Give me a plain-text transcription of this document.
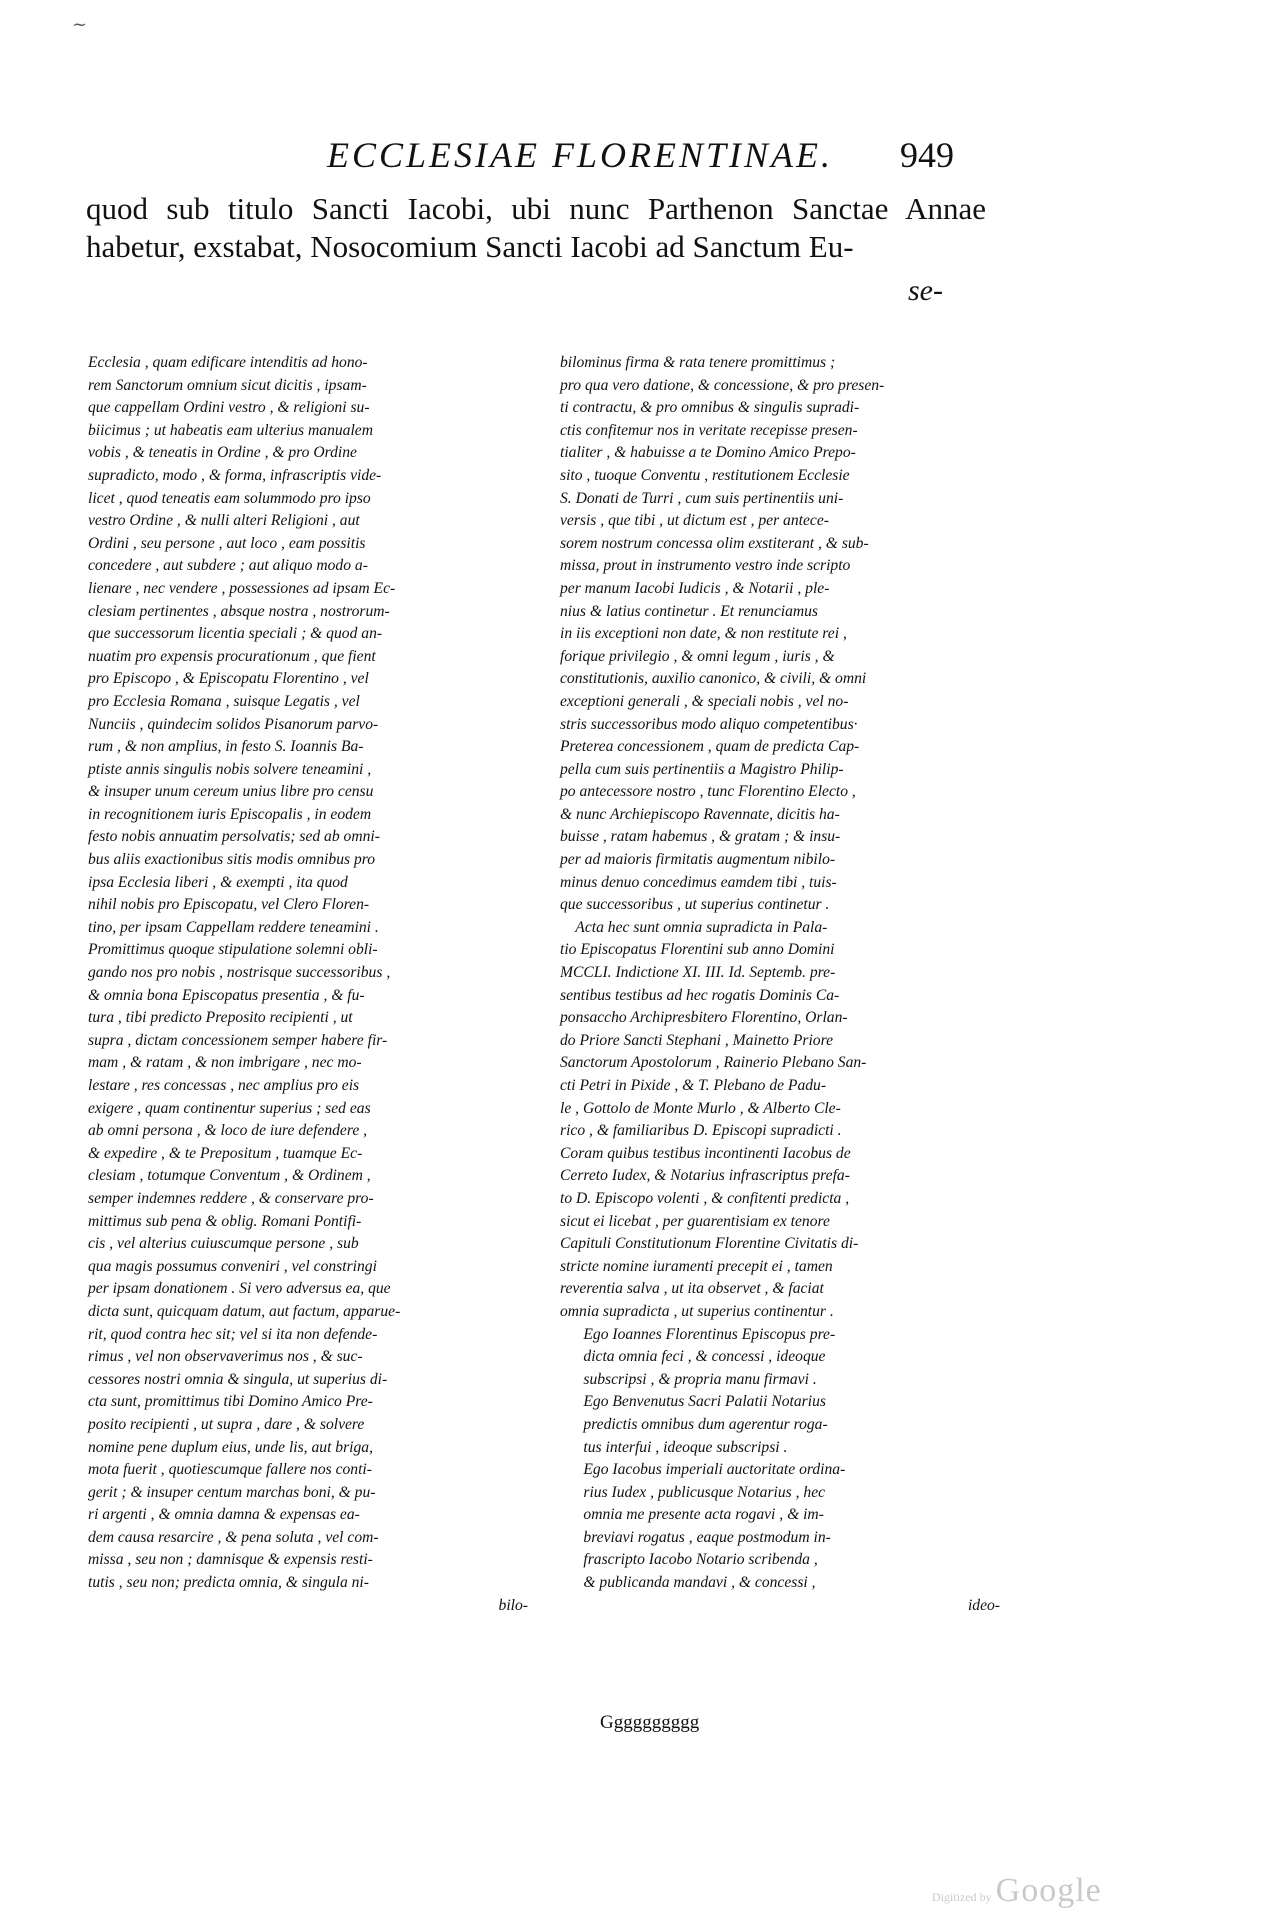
~
ECCLESIAE FLORENTINAE.	949
quod sub titulo Sancti Iacobi, ubi nunc Parthenon Sanctae Annae habetur, exstabat, Nosocomium Sancti Iacobi ad Sanctum Eu-
se-
Ecclesia , quam edificare intenditis ad hono-
rem Sanctorum omnium sicut dicitis , ipsam-
que cappellam Ordini vestro , & religioni su-
biicimus ; ut habeatis eam ulterius manualem
vobis , & teneatis in Ordine , & pro Ordine
supradicto, modo , & forma, infrascriptis vide-
licet , quod teneatis eam solummodo pro ipso
vestro Ordine , & nulli alteri Religioni , aut
Ordini , seu persone , aut loco , eam possitis
concedere , aut subdere ; aut aliquo modo a-
lienare , nec vendere , possessiones ad ipsam Ec-
clesiam pertinentes , absque nostra , nostrorum-
que successorum licentia speciali ; & quod an-
nuatim pro expensis procurationum , que fient
pro Episcopo , & Episcopatu Florentino , vel
pro Ecclesia Romana , suisque Legatis , vel
Nunciis , quindecim solidos Pisanorum parvo-
rum , & non amplius, in festo S. Ioannis Ba-
ptiste annis singulis nobis solvere teneamini ,
& insuper unum cereum unius libre pro censu
in recognitionem iuris Episcopalis , in eodem
festo nobis annuatim persolvatis; sed ab omni-
bus aliis exactionibus sitis modis omnibus pro
ipsa Ecclesia liberi , & exempti , ita quod
nihil nobis pro Episcopatu, vel Clero Floren-
tino, per ipsam Cappellam reddere teneamini .
Promittimus quoque stipulatione solemni obli-
gando nos pro nobis , nostrisque successoribus ,
& omnia bona Episcopatus presentia , & fu-
tura , tibi predicto Preposito recipienti , ut
supra , dictam concessionem semper habere fir-
mam , & ratam , & non imbrigare , nec mo-
lestare , res concessas , nec amplius pro eis
exigere , quam continentur superius ; sed eas
ab omni persona , & loco de iure defendere ,
& expedire , & te Prepositum , tuamque Ec-
clesiam , totumque Conventum , & Ordinem ,
semper indemnes reddere , & conservare pro-
mittimus sub pena & oblig. Romani Pontifi-
cis , vel alterius cuiuscumque persone , sub
qua magis possumus conveniri , vel constringi
per ipsam donationem . Si vero adversus ea, que
dicta sunt, quicquam datum, aut factum, apparue-
rit, quod contra hec sit; vel si ita non defende-
rimus , vel non observaverimus nos , & suc-
cessores nostri omnia & singula, ut superius di-
cta sunt, promittimus tibi Domino Amico Pre-
posito recipienti , ut supra , dare , & solvere
nomine pene duplum eius, unde lis, aut briga,
mota fuerit , quotiescumque fallere nos conti-
gerit ; & insuper centum marchas boni, & pu-
ri argenti , & omnia damna & expensas ea-
dem causa resarcire , & pena soluta , vel com-
missa , seu non ; damnisque & expensis resti-
tutis , seu non; predicta omnia, & singula ni-
bilo-
bilominus firma & rata tenere promittimus ;
pro qua vero datione, & concessione, & pro presen-
ti contractu, & pro omnibus & singulis supradi-
ctis confitemur nos in veritate recepisse presen-
tialiter , & habuisse a te Domino Amico Prepo-
sito , tuoque Conventu , restitutionem Ecclesie
S. Donati de Turri , cum suis pertinentiis uni-
versis , que tibi , ut dictum est , per antece-
sorem nostrum concessa olim exstiterant , & sub-
missa, prout in instrumento vestro inde scripto
per manum Iacobi Iudicis , & Notarii , ple-
nius & latius continetur . Et renunciamus
in iis exceptioni non date, & non restitute rei ,
forique privilegio , & omni legum , iuris , &
constitutionis, auxilio canonico, & civili, & omni
exceptioni generali , & speciali nobis , vel no-
stris successoribus modo aliquo competentibus·
Preterea concessionem , quam de predicta Cap-
pella cum suis pertinentiis a Magistro Philip-
po antecessore nostro , tunc Florentino Electo ,
& nunc Archiepiscopo Ravennate, dicitis ha-
buisse , ratam habemus , & gratam ; & insu-
per ad maioris firmitatis augmentum nibilo-
minus denuo concedimus eamdem tibi , tuis-
que successoribus , ut superius continetur .
Acta hec sunt omnia supradicta in Pala-
tio Episcopatus Florentini sub anno Domini
MCCLI. Indictione XI. III. Id. Septemb. pre-
sentibus testibus ad hec rogatis Dominis Ca-
ponsaccho Archipresbitero Florentino, Orlan-
do Priore Sancti Stephani , Mainetto Priore
Sanctorum Apostolorum , Rainerio Plebano San-
cti Petri in Pixide , & T. Plebano de Padu-
le , Gottolo de Monte Murlo , & Alberto Cle-
rico , & familiaribus D. Episcopi supradicti .
Coram quibus testibus incontinenti Iacobus de
Cerreto Iudex, & Notarius infrascriptus prefa-
to D. Episcopo volenti , & confitenti predicta ,
sicut ei licebat , per guarentisiam ex tenore
Capituli Constitutionum Florentine Civitatis di-
stricte nomine iuramenti precepit ei , tamen
reverentia salva , ut ita observet , & faciat
omnia supradicta , ut superius continentur .
Ego Ioannes Florentinus Episcopus pre-
dicta omnia feci , & concessi , ideoque
subscripsi , & propria manu firmavi .
Ego Benvenutus Sacri Palatii Notarius
predictis omnibus dum agerentur roga-
tus interfui , ideoque subscripsi .
Ego Iacobus imperiali auctoritate ordina-
rius Iudex , publicusque Notarius , hec
omnia me presente acta rogavi , & im-
breviavi rogatus , eaque postmodum in-
frascripto Iacobo Notario scribenda ,
& publicanda mandavi , & concessi ,
ideo-
Gggggggggg
Digitized by Google
